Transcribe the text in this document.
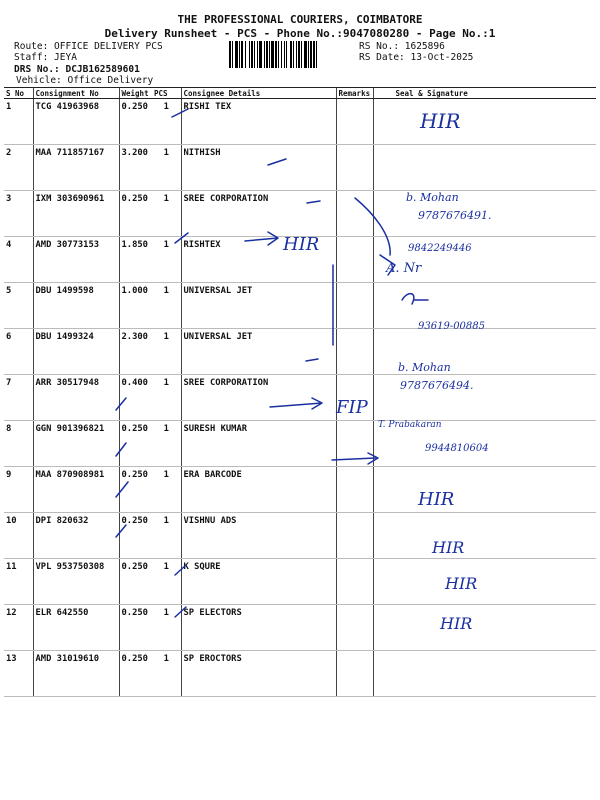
THE PROFESSIONAL COURIERS, COIMBATORE
Delivery Runsheet - PCS - Phone No.:9047080280 - Page No.:1
Route: OFFICE DELIVERY PCS
Staff: JEYA
DRS No.: DCJB162589601
Vehicle: Office Delivery
RS No.: 1625896
RS Date: 13-Oct-2025
S No	Consignment No	Weight	PCS	Consignee Details	Remarks	Seal & Signature
1	TCG 41963968	0.250	1	RISHI TEX		
2	MAA 711857167	3.200	1	NITHISH		
3	IXM 303690961	0.250	1	SREE CORPORATION		
4	AMD 30773153	1.850	1	RISHTEX		
5	DBU 1499598	1.000	1	UNIVERSAL JET		
6	DBU 1499324	2.300	1	UNIVERSAL JET		
7	ARR 30517948	0.400	1	SREE CORPORATION		
8	GGN 901396821	0.250	1	SURESH KUMAR		
9	MAA 870908981	0.250	1	ERA BARCODE		
10	DPI 820632	0.250	1	VISHNU ADS		
11	VPL 953750308	0.250	1	K SQURE		
12	ELR 642550	0.250	1	SP ELECTORS		
13	AMD 31019610	0.250	1	SP EROCTORS		
HIR
HIR
HIR
HIR
HIR
HIR
FIP
b. Mohan
9787676491.
9842249446
A. Nr
93619-00885
b. Mohan
9787676494.
T. Prabakaran
9944810604
